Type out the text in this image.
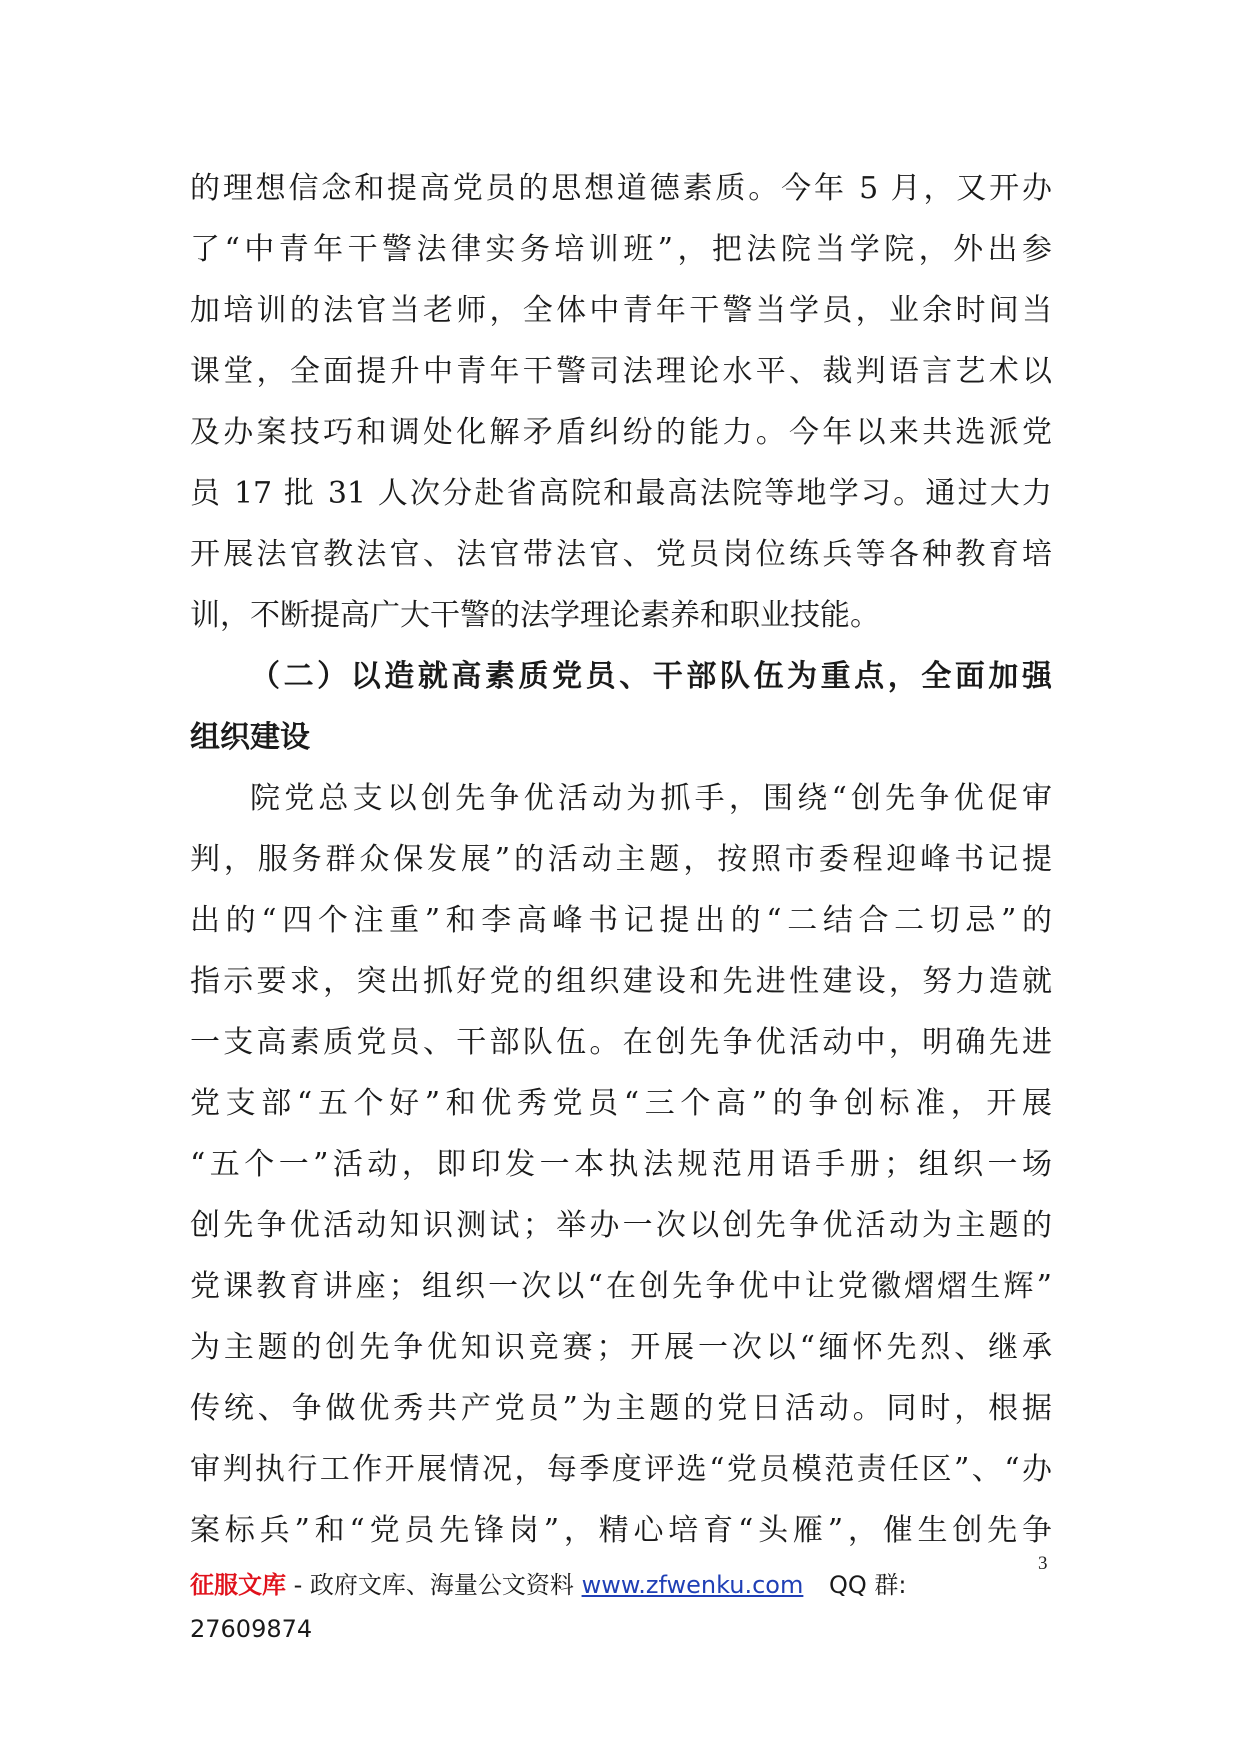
的理想信念和提高党员的思想道德素质。今年 5 月，又开办
了“中青年干警法律实务培训班”，把法院当学院，外出参
加培训的法官当老师，全体中青年干警当学员，业余时间当
课堂，全面提升中青年干警司法理论水平、裁判语言艺术以
及办案技巧和调处化解矛盾纠纷的能力。今年以来共选派党
员 17 批 31 人次分赴省高院和最高法院等地学习。通过大力
开展法官教法官、法官带法官、党员岗位练兵等各种教育培
训，不断提高广大干警的法学理论素养和职业技能。
（二）以造就高素质党员、干部队伍为重点，全面加强
组织建设
院党总支以创先争优活动为抓手，围绕“创先争优促审
判，服务群众保发展”的活动主题，按照市委程迎峰书记提
出的“四个注重”和李高峰书记提出的“二结合二切忌”的
指示要求，突出抓好党的组织建设和先进性建设，努力造就
一支高素质党员、干部队伍。在创先争优活动中，明确先进
党支部“五个好”和优秀党员“三个高”的争创标准，开展
“五个一”活动，即印发一本执法规范用语手册；组织一场
创先争优活动知识测试；举办一次以创先争优活动为主题的
党课教育讲座；组织一次以“在创先争优中让党徽熠熠生辉”
为主题的创先争优知识竞赛；开展一次以“缅怀先烈、继承
传统、争做优秀共产党员”为主题的党日活动。同时，根据
审判执行工作开展情况，每季度评选“党员模范责任区”、“办
案标兵”和“党员先锋岗”，精心培育“头雁”，催生创先争
3
征服文库 - 政府文库、海量公文资料 www.zfwenku.com QQ 群:
27609874
